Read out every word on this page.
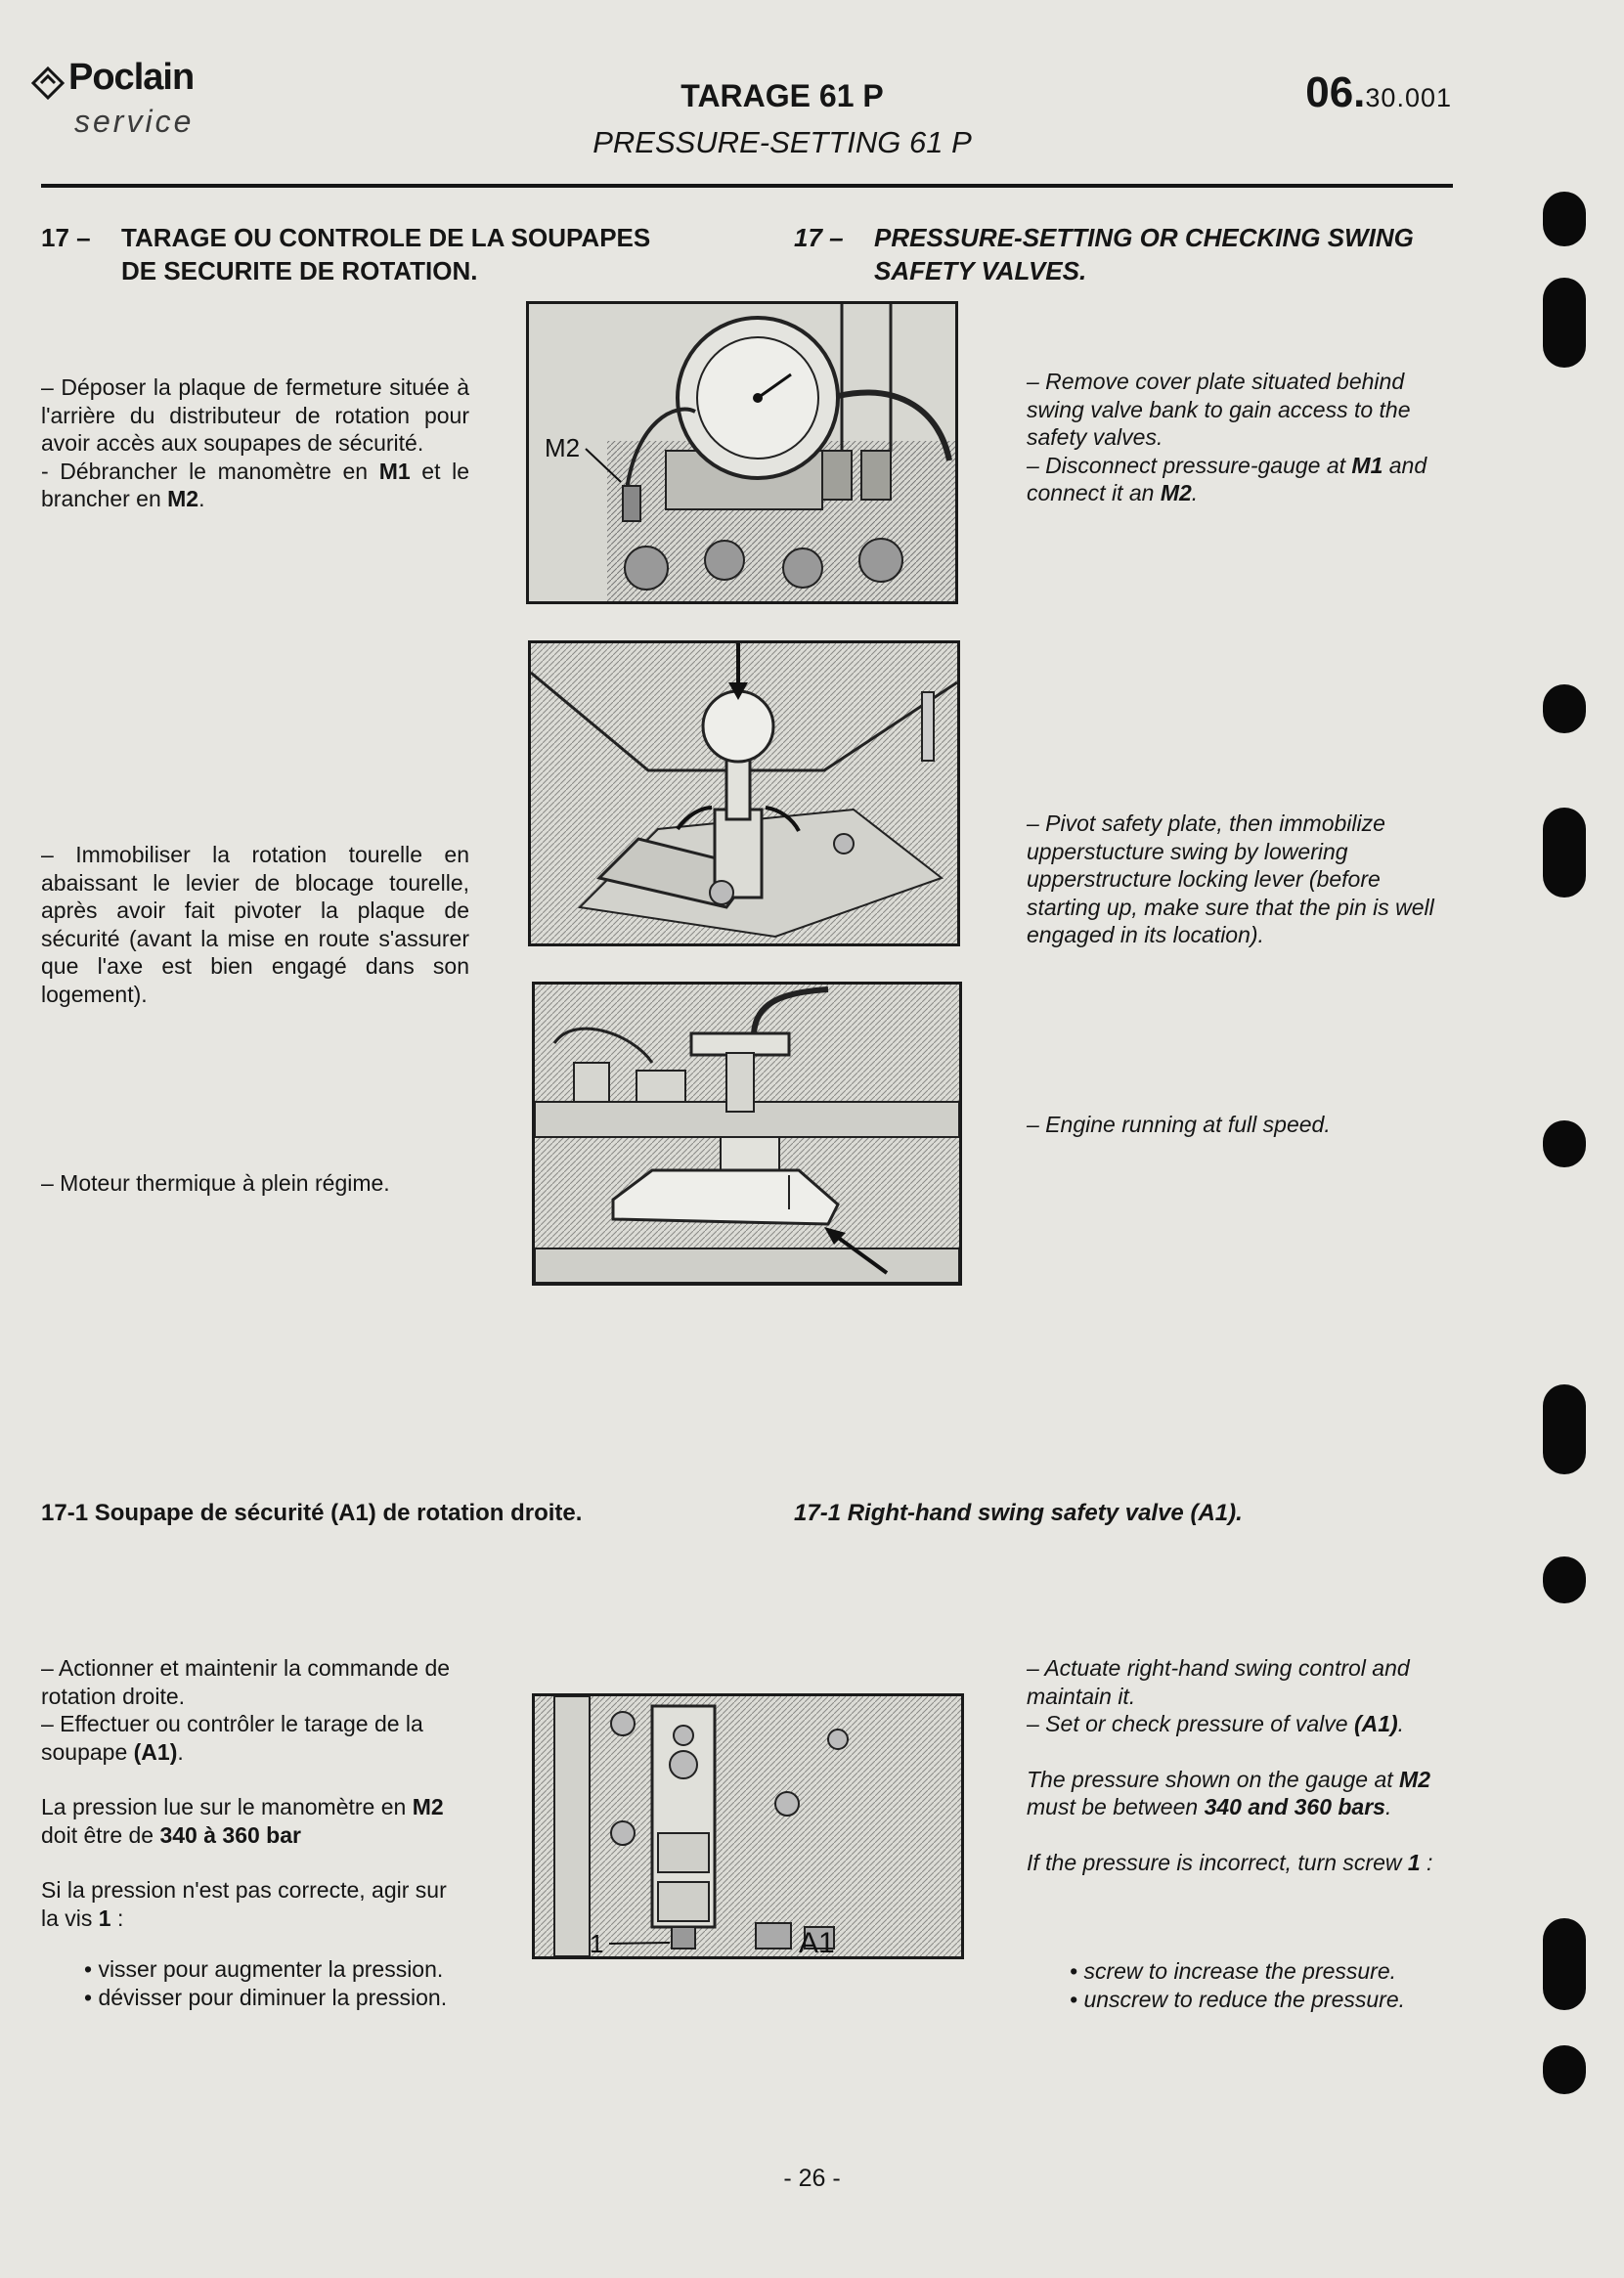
Poclain
service
TARAGE 61 P
PRESSURE-SETTING 61 P
06.30.001
17 – TARAGE OU CONTROLE DE LA SOUPAPES
DE SECURITE DE ROTATION.
17 – PRESSURE-SETTING OR CHECKING SWING
SAFETY VALVES.
– Déposer la plaque de fermeture située à l'arrière du distributeur de rotation pour avoir accès aux soupapes de sécurité.
- Débrancher le manomètre en M1 et le brancher en M2.
– Remove cover plate situated behind swing valve bank to gain access to the safety valves.
– Disconnect pressure-gauge at M1 and connect it an M2.
M2
– Immobiliser la rotation tourelle en abaissant le levier de blocage tourelle, après avoir fait pivoter la plaque de sécurité (avant la mise en route s'assurer que l'axe est bien engagé dans son logement).
– Pivot safety plate, then immobilize upperstucture swing by lowering upperstructure locking lever (before starting up, make sure that the pin is well engaged in its location).
– Moteur thermique à plein régime.
– Engine running at full speed.
17-1 Soupape de sécurité (A1) de rotation droite.	17-1 Right-hand swing safety valve (A1).
– Actionner et maintenir la commande de rotation droite.
– Effectuer ou contrôler le tarage de la soupape (A1).
La pression lue sur le manomètre en M2 doit être de 340 à 360 bar
Si la pression n'est pas correcte, agir sur la vis 1 :
• visser pour augmenter la pression.
• dévisser pour diminuer la pression.
– Actuate right-hand swing control and maintain it.
– Set or check pressure of valve (A1).
The pressure shown on the gauge at M2 must be between 340 and 360 bars.
If the pressure is incorrect, turn screw 1 :
• screw to increase the pressure.
• unscrew to reduce the pressure.
1	A1
- 26 -
